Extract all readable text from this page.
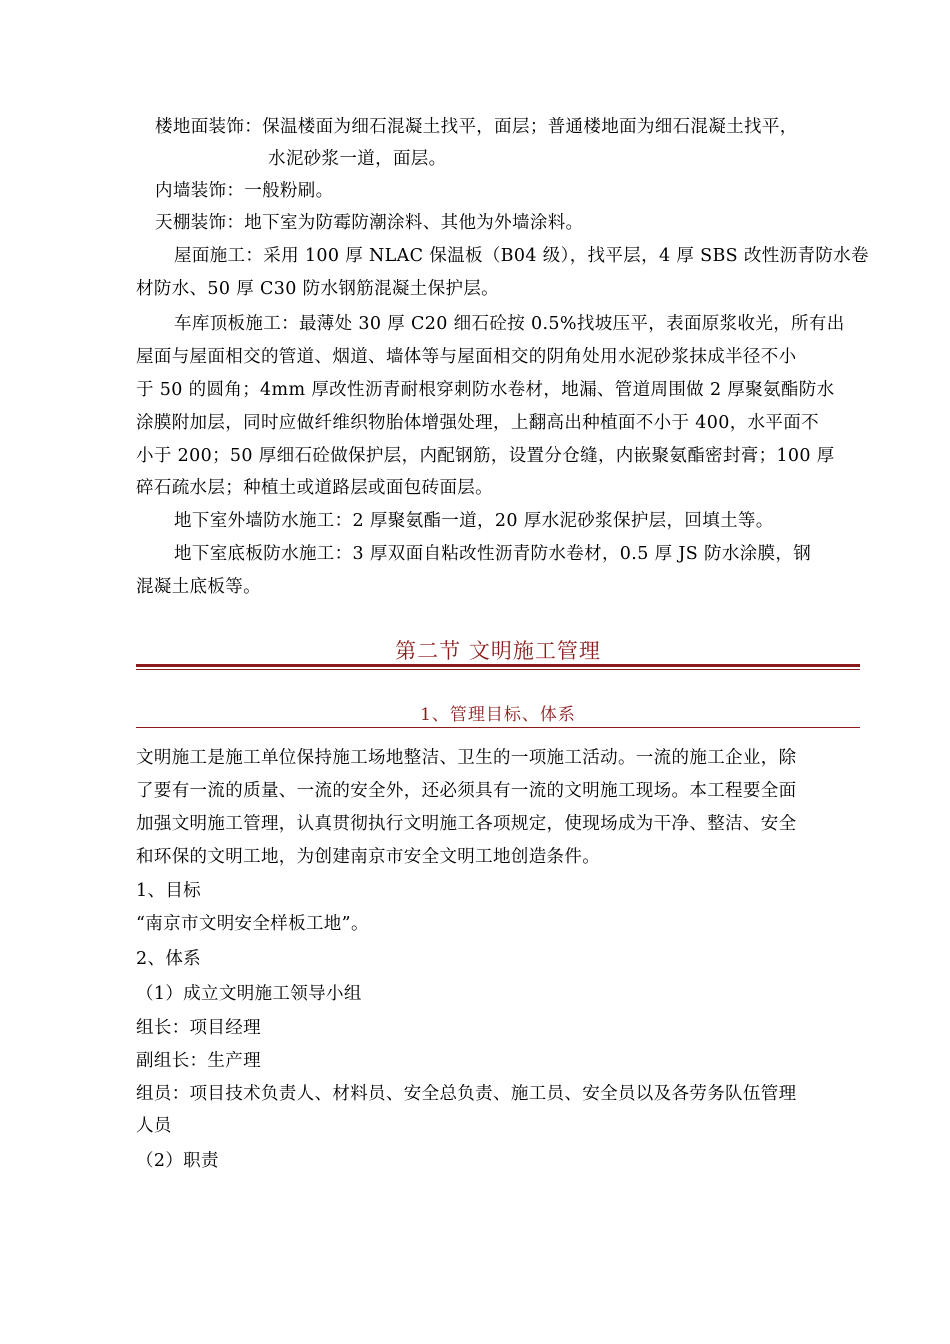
楼地面装饰：保温楼面为细石混凝土找平，面层；普通楼地面为细石混凝土找平，
水泥砂浆一道，面层。
内墙装饰：一般粉刷。
天棚装饰：地下室为防霉防潮涂料、其他为外墙涂料。
屋面施工：采用 100 厚 NLAC 保温板（B04 级），找平层，4 厚 SBS 改性沥青防水卷
材防水、50 厚 C30 防水钢筋混凝土保护层。
车库顶板施工：最薄处 30 厚 C20 细石砼按 0.5%找坡压平，表面原浆收光，所有出
屋面与屋面相交的管道、烟道、墙体等与屋面相交的阴角处用水泥砂浆抹成半径不小
于 50 的圆角；4mm 厚改性沥青耐根穿刺防水卷材，地漏、管道周围做 2 厚聚氨酯防水
涂膜附加层，同时应做纤维织物胎体增强处理，上翻高出种植面不小于 400，水平面不
小于 200；50 厚细石砼做保护层，内配钢筋，设置分仓缝，内嵌聚氨酯密封膏；100 厚
碎石疏水层；种植土或道路层或面包砖面层。
地下室外墙防水施工：2 厚聚氨酯一道，20 厚水泥砂浆保护层，回填土等。
地下室底板防水施工：3 厚双面自粘改性沥青防水卷材，0.5 厚 JS 防水涂膜，钢
混凝土底板等。
第二节 文明施工管理
1、管理目标、体系
文明施工是施工单位保持施工场地整洁、卫生的一项施工活动。一流的施工企业，除
了要有一流的质量、一流的安全外，还必须具有一流的文明施工现场。本工程要全面
加强文明施工管理，认真贯彻执行文明施工各项规定，使现场成为干净、整洁、安全
和环保的文明工地，为创建南京市安全文明工地创造条件。
1、目标
“南京市文明安全样板工地”。
2、体系
（1）成立文明施工领导小组
组长：项目经理
副组长：生产理
组员：项目技术负责人、材料员、安全总负责、施工员、安全员以及各劳务队伍管理
人员
（2）职责
